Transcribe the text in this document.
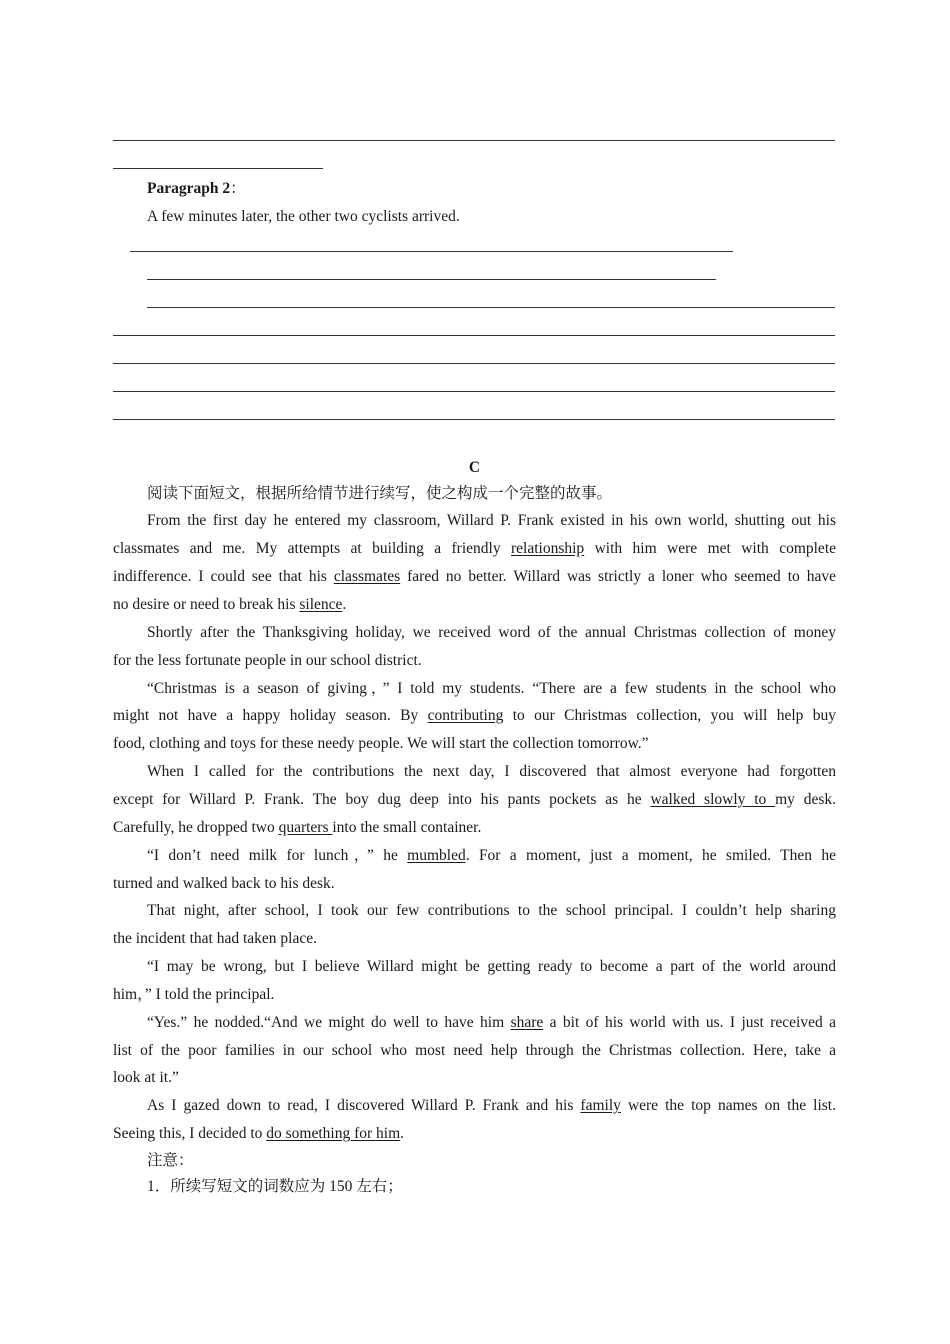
Paragraph 2：
A few minutes later, the other two cyclists arrived.
C
阅读下面短文，根据所给情节进行续写，使之构成一个完整的故事。
From the first day he entered my classroom, Willard P. Frank existed in his own world, shutting out his
classmates and me. My attempts at building a friendly relationship with him were met with complete
indifference. I could see that his classmates fared no better. Willard was strictly a loner who seemed to have
no desire or need to break his silence.
Shortly after the Thanksgiving holiday, we received word of the annual Christmas collection of money
for the less fortunate people in our school district.
“Christmas is a season of giving，” I told my students. “There are a few students in the school who
might not have a happy holiday season. By contributing to our Christmas collection, you will help buy
food, clothing and toys for these needy people. We will start the collection tomorrow.”
When I called for the contributions the next day, I discovered that almost everyone had forgotten
except for Willard P. Frank. The boy dug deep into his pants pockets as he walked slowly to my desk.
Carefully, he dropped two quarters into the small container.
“I don’t need milk for lunch，” he mumbled. For a moment, just a moment, he smiled. Then he
turned and walked back to his desk.
That night, after school, I took our few contributions to the school principal. I couldn’t help sharing
the incident that had taken place.
“I may be wrong, but I believe Willard might be getting ready to become a part of the world around
him，” I told the principal.
“Yes.” he nodded.“And we might do well to have him share a bit of his world with us. I just received a
list of the poor families in our school who most need help through the Christmas collection. Here, take a
look at it.”
As I gazed down to read, I discovered Willard P. Frank and his family were the top names on the list.
Seeing this, I decided to do something for him.
注意：
1．所续写短文的词数应为 150 左右；
